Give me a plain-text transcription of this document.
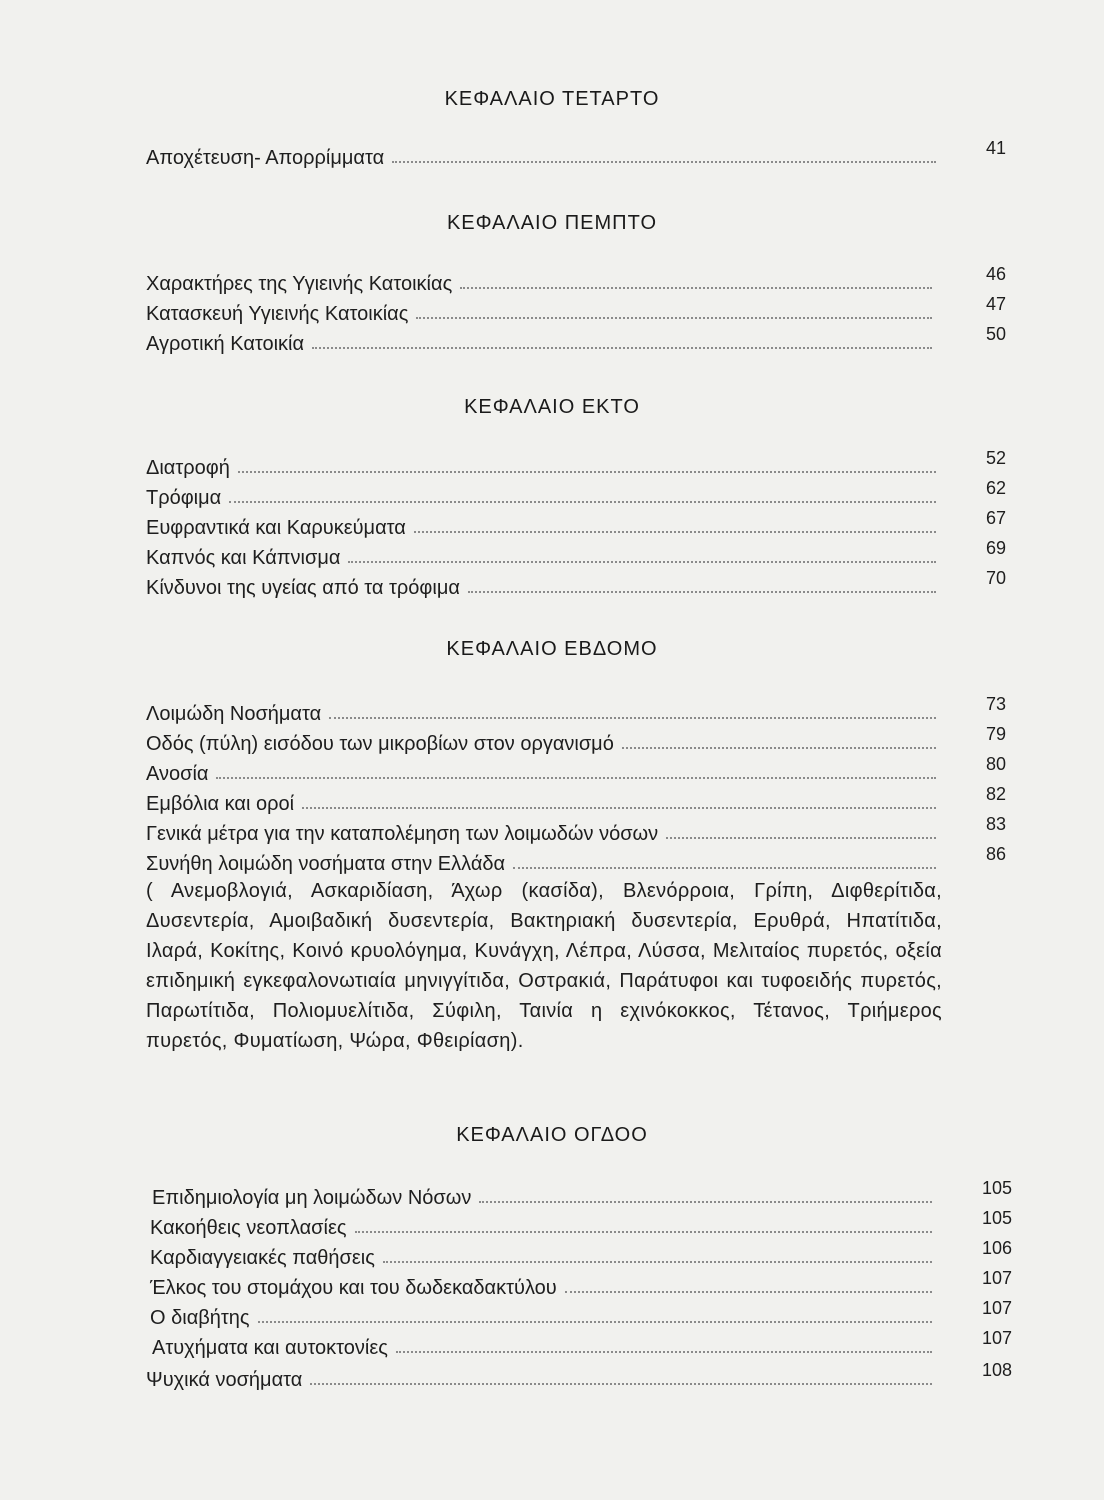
ΚΕΦΑΛΑΙΟ ΤΕΤΑΡΤΟ
Αποχέτευση- Απορρίμματα	41
ΚΕΦΑΛΑΙΟ ΠΕΜΠΤΟ
Χαρακτήρες της Υγιεινής Κατοικίας	46
Κατασκευή Υγιεινής Κατοικίας	47
Αγροτική Κατοικία	50
ΚΕΦΑΛΑΙΟ ΕΚΤΟ
Διατροφή	52
Τρόφιμα	62
Ευφραντικά και Καρυκεύματα	67
Καπνός και Κάπνισμα	69
Κίνδυνοι της υγείας από τα τρόφιμα	70
ΚΕΦΑΛΑΙΟ ΕΒΔΟΜΟ
Λοιμώδη Νοσήματα	73
Οδός (πύλη) εισόδου των μικροβίων στον οργανισμό	79
Ανοσία	80
Εμβόλια και οροί	82
Γενικά μέτρα για την καταπολέμηση των λοιμωδών νόσων	83
Συνήθη λοιμώδη νοσήματα στην Ελλάδα	86
( Ανεμοβλογιά, Ασκαριδίαση, Άχωρ (κασίδα), Βλενόρροια, Γρίπη, Διφθερίτιδα, Δυσεντερία, Αμοιβαδική δυσεντερία, Βακτηριακή δυσεντερία, Ερυθρά, Ηπατίτιδα, Ιλαρά, Κοκίτης, Κοινό κρυολόγημα, Κυνάγχη, Λέπρα, Λύσσα, Μελιταίος πυρετός, οξεία επιδημική εγκεφαλονωτιαία μηνιγγίτιδα, Οστρακιά, Παράτυφοι και τυφοειδής πυρετός, Παρωτίτιδα, Πολιομυελίτιδα, Σύφιλη, Ταινία η εχινόκοκκος, Τέτανος, Τριήμερος πυρετός, Φυματίωση, Ψώρα, Φθειρίαση).
ΚΕΦΑΛΑΙΟ ΟΓΔΟΟ
Επιδημιολογία μη λοιμώδων Νόσων	105
Κακοήθεις νεοπλασίες	105
Καρδιαγγειακές παθήσεις	106
Έλκος του στομάχου και του δωδεκαδακτύλου	107
Ο διαβήτης	107
Ατυχήματα και αυτοκτονίες	107
Ψυχικά νοσήματα	108
